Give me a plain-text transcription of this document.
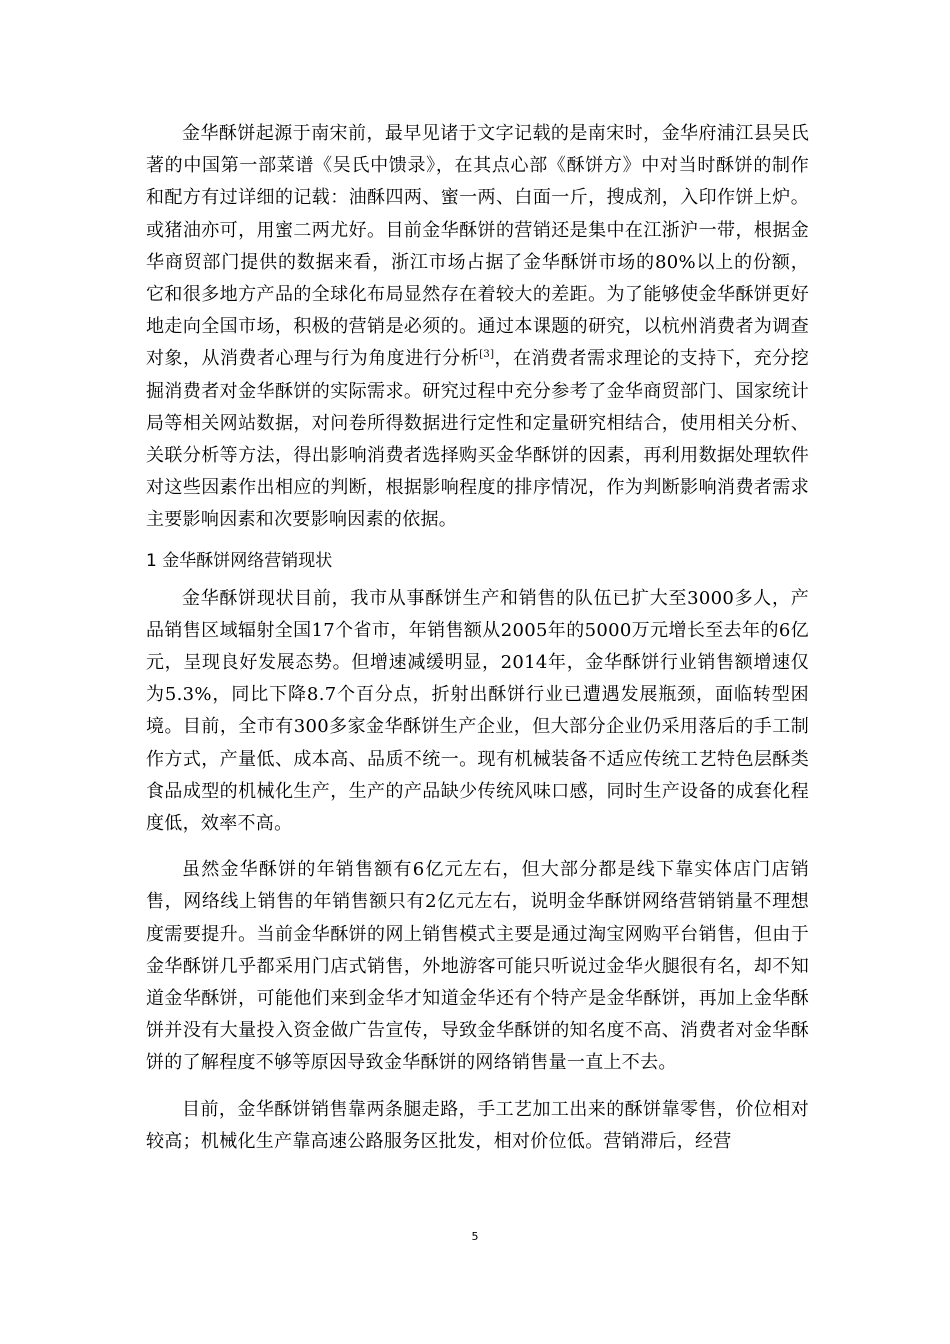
金华酥饼起源于南宋前，最早见诸于文字记载的是南宋时，金华府浦江县吴氏著的中国第一部菜谱《吴氏中馈录》，在其点心部《酥饼方》中对当时酥饼的制作和配方有过详细的记载：油酥四两、蜜一两、白面一斤，搜成剂，入印作饼上炉。或猪油亦可，用蜜二两尤好。目前金华酥饼的营销还是集中在江浙沪一带，根据金华商贸部门提供的数据来看，浙江市场占据了金华酥饼市场的80%以上的份额，它和很多地方产品的全球化布局显然存在着较大的差距。为了能够使金华酥饼更好地走向全国市场，积极的营销是必须的。通过本课题的研究，以杭州消费者为调查对象，从消费者心理与行为角度进行分析[3]，在消费者需求理论的支持下，充分挖掘消费者对金华酥饼的实际需求。研究过程中充分参考了金华商贸部门、国家统计局等相关网站数据，对问卷所得数据进行定性和定量研究相结合，使用相关分析、关联分析等方法，得出影响消费者选择购买金华酥饼的因素，再利用数据处理软件对这些因素作出相应的判断，根据影响程度的排序情况，作为判断影响消费者需求主要影响因素和次要影响因素的依据。

1 金华酥饼网络营销现状

金华酥饼现状目前，我市从事酥饼生产和销售的队伍已扩大至3000多人，产品销售区域辐射全国17个省市，年销售额从2005年的5000万元增长至去年的6亿元，呈现良好发展态势。但增速减缓明显，2014年，金华酥饼行业销售额增速仅为5.3%，同比下降8.7个百分点，折射出酥饼行业已遭遇发展瓶颈，面临转型困境。目前，全市有300多家金华酥饼生产企业，但大部分企业仍采用落后的手工制作方式，产量低、成本高、品质不统一。现有机械装备不适应传统工艺特色层酥类食品成型的机械化生产，生产的产品缺少传统风味口感，同时生产设备的成套化程度低，效率不高。

虽然金华酥饼的年销售额有6亿元左右，但大部分都是线下靠实体店门店销售，网络线上销售的年销售额只有2亿元左右，说明金华酥饼网络营销销量不理想度需要提升。当前金华酥饼的网上销售模式主要是通过淘宝网购平台销售，但由于金华酥饼几乎都采用门店式销售，外地游客可能只听说过金华火腿很有名，却不知道金华酥饼，可能他们来到金华才知道金华还有个特产是金华酥饼，再加上金华酥饼并没有大量投入资金做广告宣传，导致金华酥饼的知名度不高、消费者对金华酥饼的了解程度不够等原因导致金华酥饼的网络销售量一直上不去。

目前，金华酥饼销售靠两条腿走路，手工艺加工出来的酥饼靠零售，价位相对较高；机械化生产靠高速公路服务区批发，相对价位低。营销滞后，经营

5
